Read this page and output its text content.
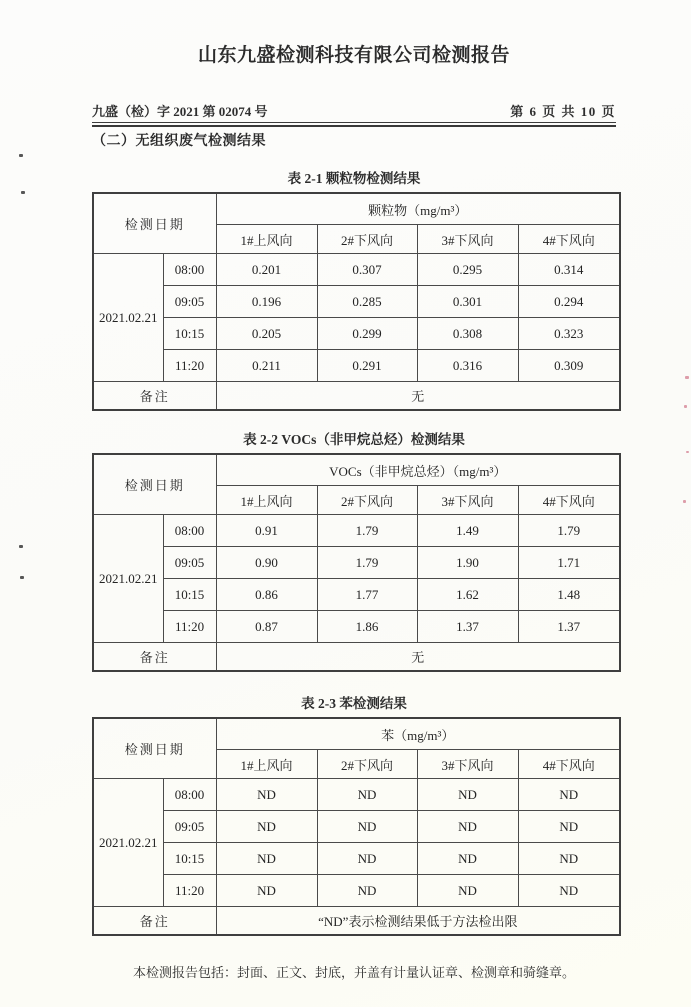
山东九盛检测科技有限公司检测报告
九盛（检）字 2021 第 02074 号	第 6 页 共 10 页
（二）无组织废气检测结果
表 2-1 颗粒物检测结果
检测日期		颗粒物（mg/m³）			
		1#上风向	2#下风向	3#下风向	4#下风向
2021.02.21	08:00	0.201	0.307	0.295	0.314
	09:05	0.196	0.285	0.301	0.294
	10:15	0.205	0.299	0.308	0.323
	11:20	0.211	0.291	0.316	0.309
备注		无			
表 2-2 VOCs（非甲烷总烃）检测结果
检测日期		VOCs（非甲烷总烃）（mg/m³）			
		1#上风向	2#下风向	3#下风向	4#下风向
2021.02.21	08:00	0.91	1.79	1.49	1.79
	09:05	0.90	1.79	1.90	1.71
	10:15	0.86	1.77	1.62	1.48
	11:20	0.87	1.86	1.37	1.37
备注		无			
表 2-3 苯检测结果
检测日期		苯（mg/m³）			
		1#上风向	2#下风向	3#下风向	4#下风向
2021.02.21	08:00	ND	ND	ND	ND
	09:05	ND	ND	ND	ND
	10:15	ND	ND	ND	ND
	11:20	ND	ND	ND	ND
备注		“ND”表示检测结果低于方法检出限			
本检测报告包括：封面、正文、封底，并盖有计量认证章、检测章和骑缝章。
